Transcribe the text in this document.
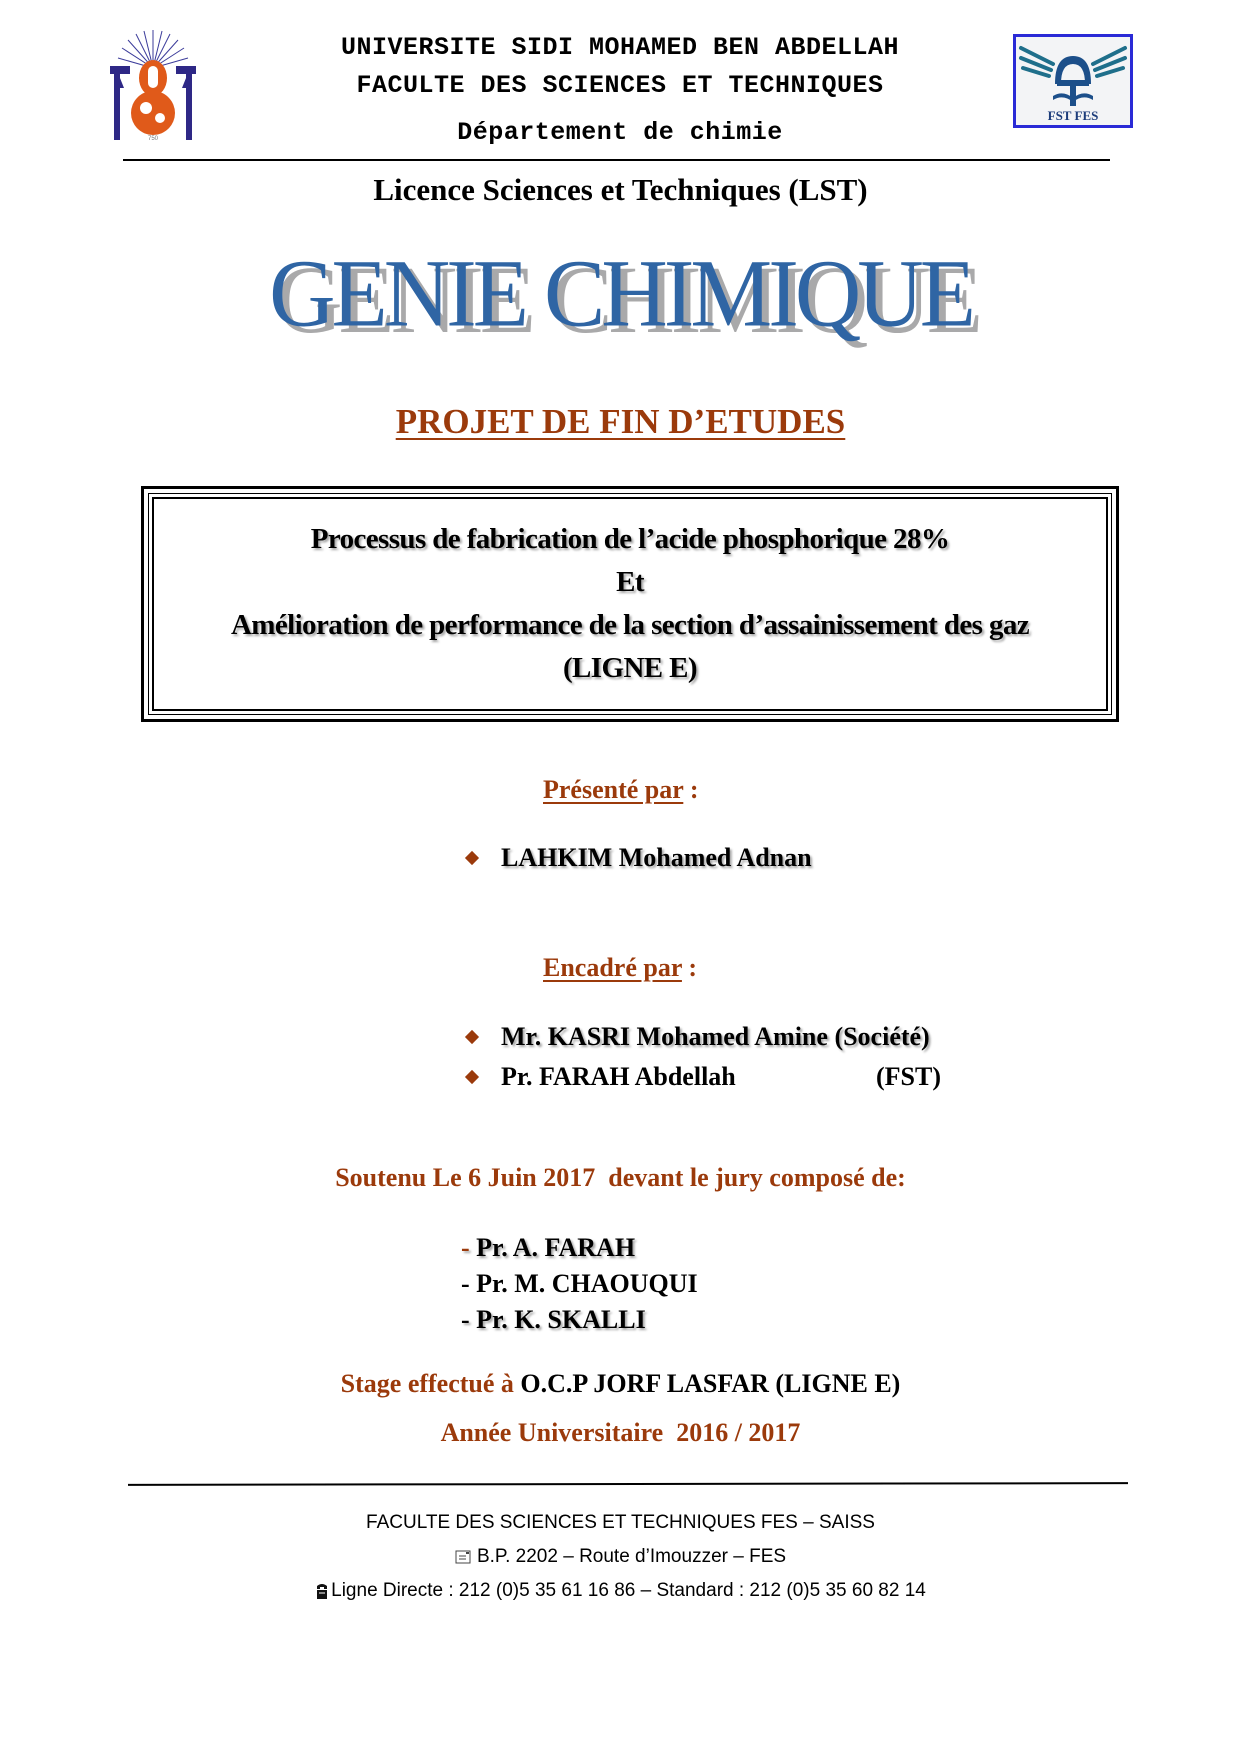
750
UNIVERSITE SIDI MOHAMED BEN ABDELLAH
FACULTE DES SCIENCES ET TECHNIQUES
Département de chimie
FST FES
Licence Sciences et Techniques (LST)
GENIE CHIMIQUE
PROJET DE FIN D’ETUDES
Processus de fabrication de l’acide phosphorique 28%
Et
Amélioration de performance de la section d’assainissement des gaz
(LIGNE E)
Présenté par :
LAHKIM Mohamed Adnan
Encadré par :
Mr. KASRI Mohamed Amine
(Société)
Pr. FARAH Abdellah	(FST)
Soutenu Le 6 Juin 2017  devant le jury composé de:
- Pr. A. FARAH
- Pr. M. CHAOUQUI
- Pr. K. SKALLI
Stage effectué à O.C.P JORF LASFAR (LIGNE E)
Année Universitaire  2016 / 2017
FACULTE DES SCIENCES ET TECHNIQUES FES – SAISS
B.P. 2202 – Route d’Imouzzer – FES
Ligne Directe : 212 (0)5 35 61 16 86 – Standard : 212 (0)5 35 60 82 14
